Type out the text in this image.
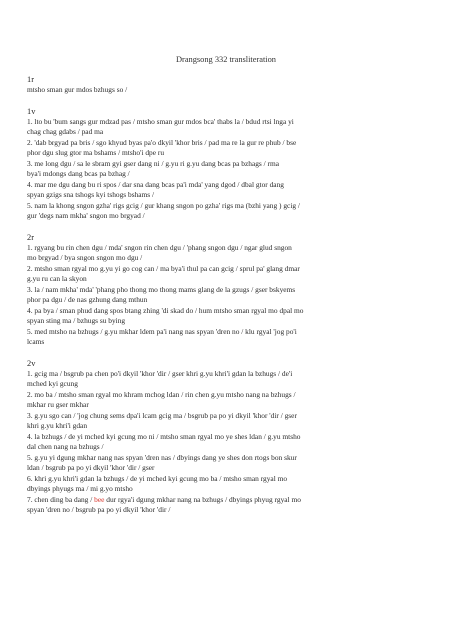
Drangsong 332 transliteration
1r

mtsho sman gur mdos bzhugs so /

1v

1. lto bu 'bum sangs gur mdzad pas / mtsho sman gur mdos bca' thabs la / bdud rtsi lnga yi

chag chag gdabs / pad ma

2. 'dab brgyad pa bris / sgo khyud byas pa'o dkyil 'khor bris / pad ma re la gur re phub / bse

phor dgu slug gtor ma bshams / mtsho'i dpe ru

3. me long dgu / sa le sbram gyi gser dang ni / g.yu ri g.yu dang bcas pa bzhags / rma

bya'i mdongs dang bcas pa bzhag /

4. mar me dgu dang bu ri spos / dar sna dang bcas pa'i mda' yang dgod / dbal gtor dang

spyan gzigs sna tshogs kyi tshogs bshams /

5. nam la khong sngon gzha' rigs gcig / gur khang sngon po gzha' rigs ma (bzhi yang ) gcig /

gur 'degs nam mkha' sngon mo brgyad /

2r

1. rgyang bu rin chen dgu / mda' sngon rin chen dgu / 'phang sngon dgu / ngar glud sngon

mo brgyad / bya sngon sngon mo dgu /

2. mtsho sman rgyal mo g.yu yi go cog can / ma bya'i thul pa can gcig / sprul pa' glang dmar

g.yu ru can la skyon

3. la / nam mkha' mda' 'phang pho thong mo thong mams glang de la gzugs / gser bskyems

phor pa dgu / de nas gzhung dang mthun

4. pa bya / sman phud dang spos btang zhing 'di skad do / hum mtsho sman rgyal mo dpal mo

spyan sting ma / bzhugs su bying

5. med mtsho na bzhugs / g.yu mkhar ldem pa'i nang nas spyan 'dren no / klu rgyal 'jog po'i

lcams

2v

1. gcig ma / bsgrub pa chen po'i dkyil 'khor 'dir / gser khri g.yu khri'i gdan la bzhugs / de'i

mched kyi gcung

2. mo ba / mtsho sman rgyal mo khram mchog ldan / rin chen g.yu mtsho nang na bzhugs /

mkhar ru gser mkhar

3. g.yu sgo can / 'jog chung sems dpa'i lcam gcig ma / bsgrub pa po yi dkyil 'khor 'dir / gser

khri g.yu khri'i gdan

4. la bzhugs / de yi mched kyi gcung mo ni / mtsho sman rgyal mo ye shes ldan / g.yu mtsho

dal chen nang na bzhugs /

5. g.yu yi dgung mkhar nang nas spyan 'dren nas / dbyings dang ye shes don rtogs bon skur

ldan / bsgrub pa po yi dkyil 'khor 'dir / gser

6. khri g.yu khri'i gdan la bzhugs / de yi mched kyi gcung mo ba / mtsho sman rgyal mo

dbyings phyugs ma / mi g.yo mtsho

7. chen ding ba dang / bee dur rgya'i dgung mkhar nang na bzhugs / dbyings phyug rgyal mo

spyan 'dren no / bsgrub pa po yi dkyil 'khor 'dir /
